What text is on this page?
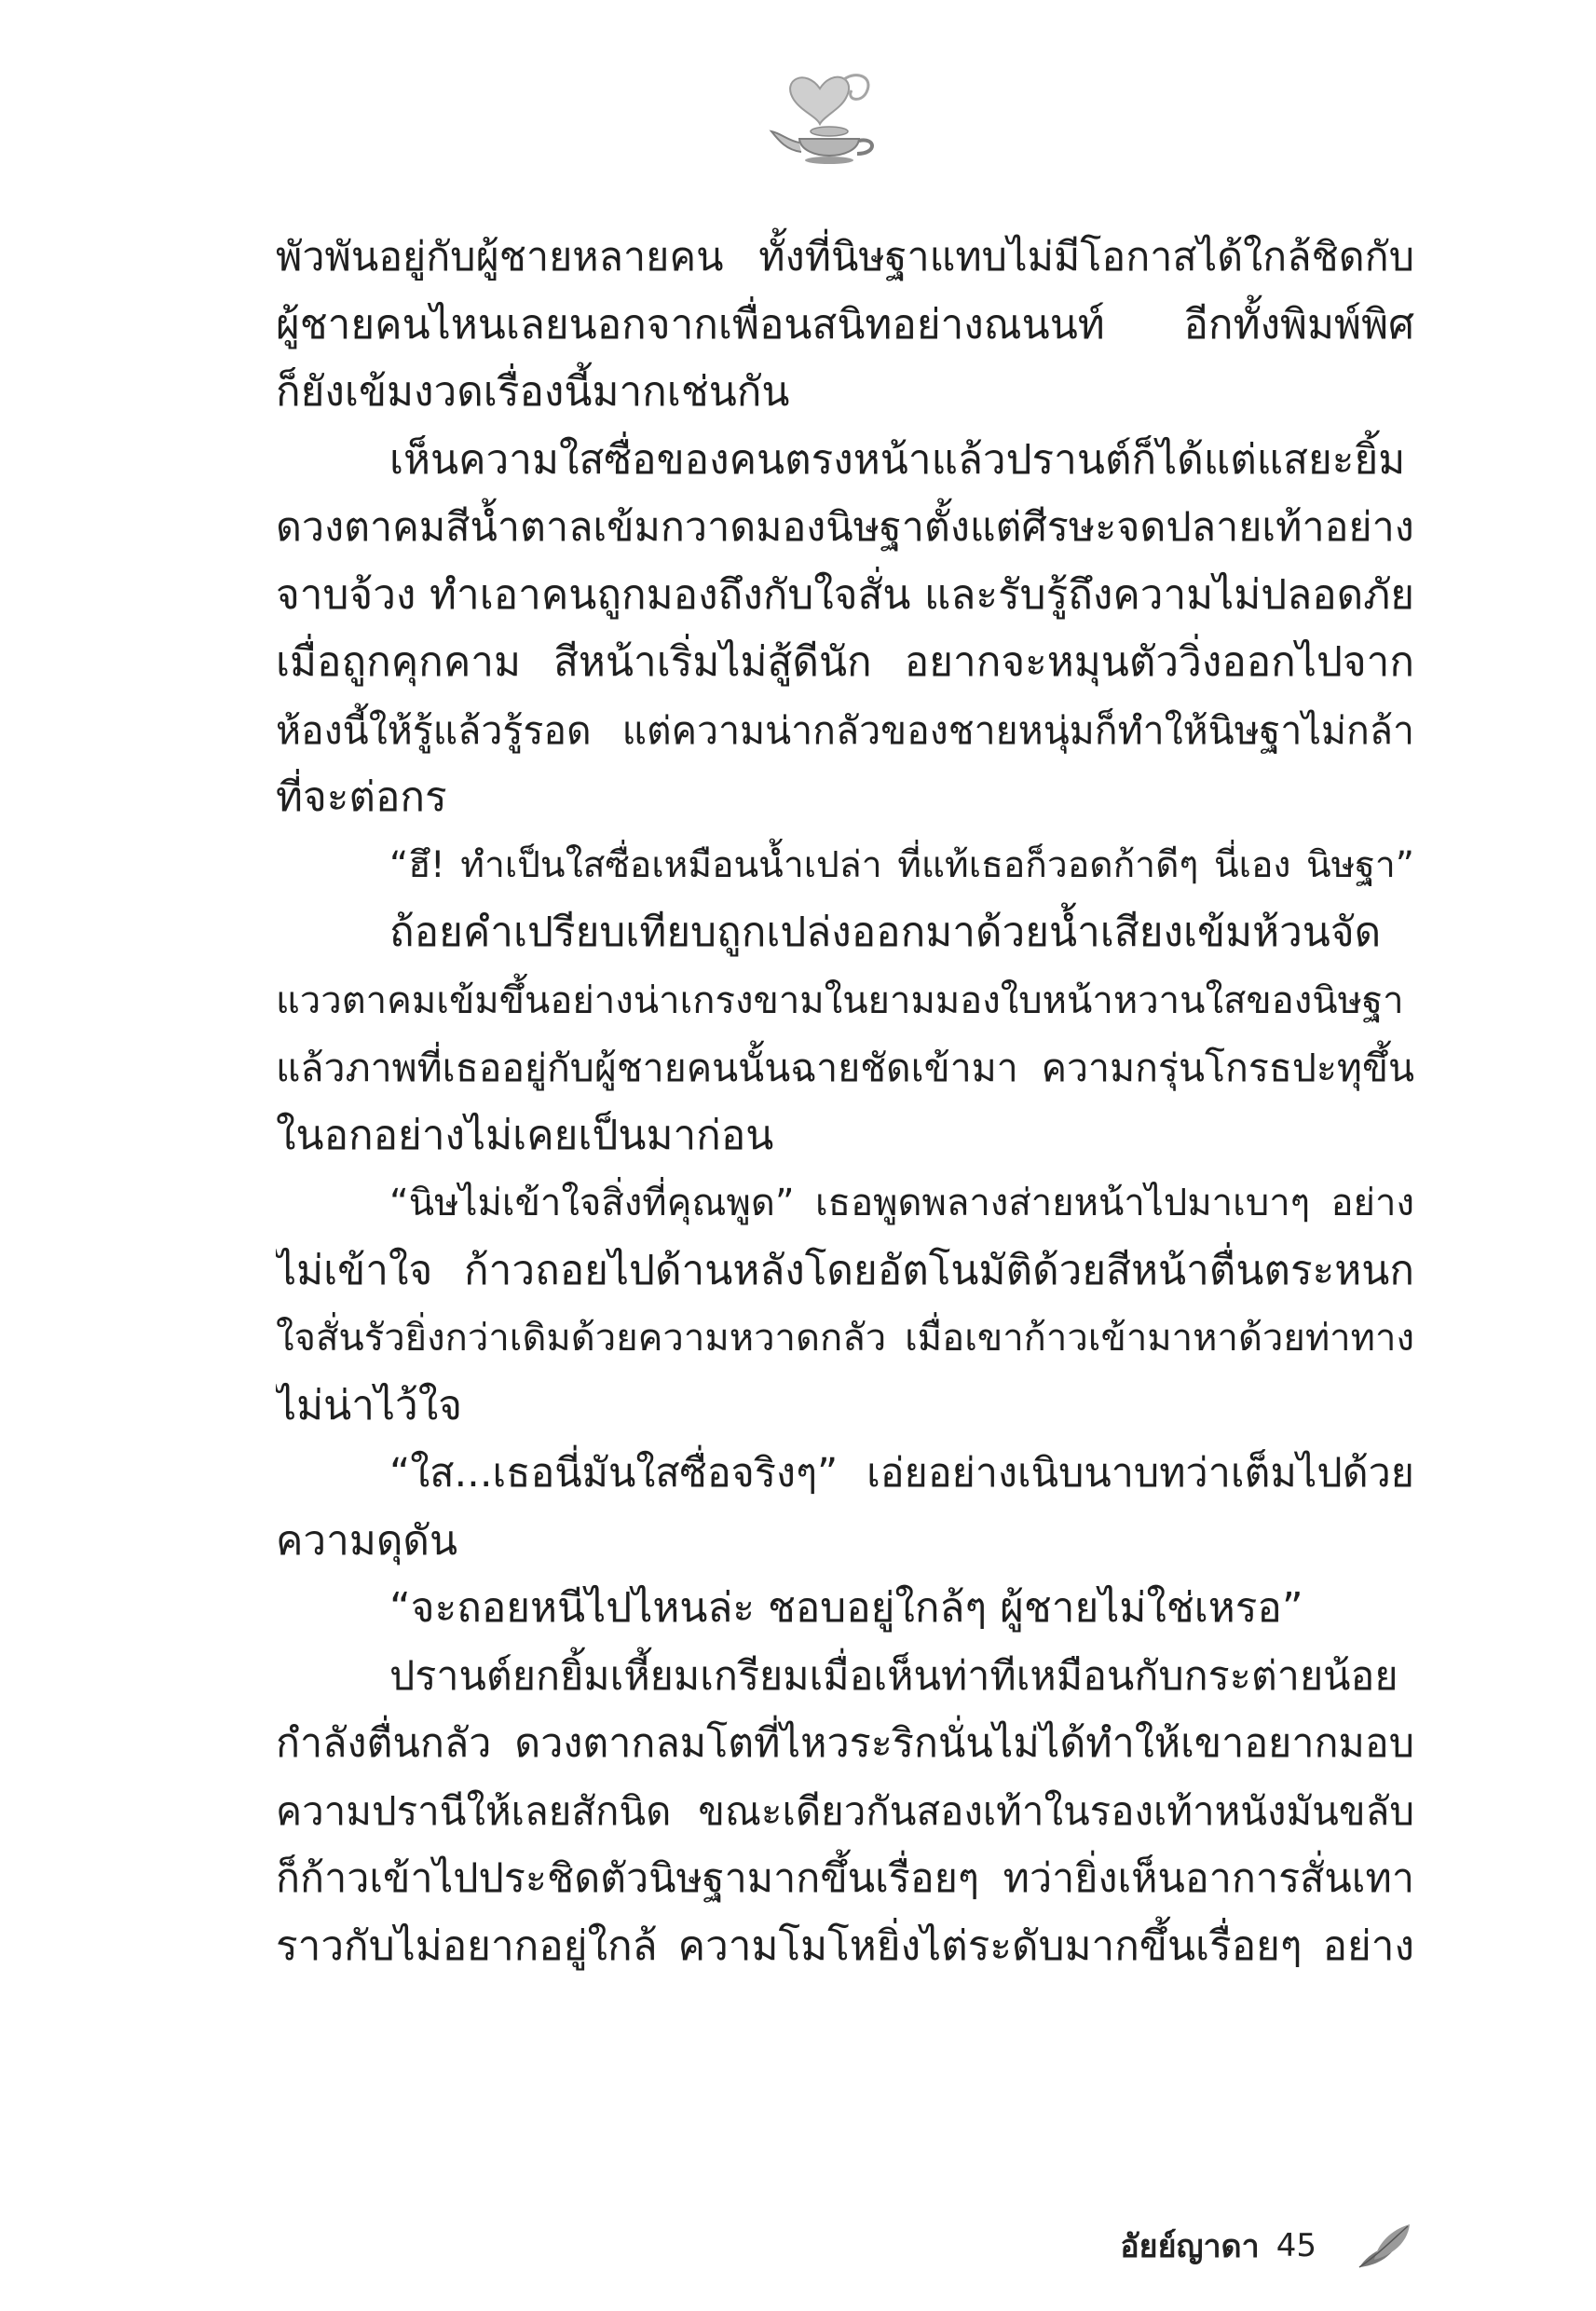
พัวพันอยู่กับผู้ชายหลายคน ทั้งที่นิษฐาแทบไม่มีโอกาสได้ใกล้ชิดกับ
ผู้ชายคนไหนเลยนอกจากเพื่อนสนิทอย่างณนนท์ อีกทั้งพิมพ์พิศ
ก็ยังเข้มงวดเรื่องนี้มากเช่นกัน
เห็นความใสซื่อของคนตรงหน้าแล้วปรานต์ก็ได้แต่แสยะยิ้ม
ดวงตาคมสีน้ำตาลเข้มกวาดมองนิษฐาตั้งแต่ศีรษะจดปลายเท้าอย่าง
จาบจ้วง ทำเอาคนถูกมองถึงกับใจสั่น และรับรู้ถึงความไม่ปลอดภัย
เมื่อถูกคุกคาม สีหน้าเริ่มไม่สู้ดีนัก อยากจะหมุนตัววิ่งออกไปจาก
ห้องนี้ให้รู้แล้วรู้รอด แต่ความน่ากลัวของชายหนุ่มก็ทำให้นิษฐาไม่กล้า
ที่จะต่อกร
“ฮึ! ทำเป็นใสซื่อเหมือนน้ำเปล่า ที่แท้เธอก็วอดก้าดีๆ นี่เอง นิษฐา”
ถ้อยคำเปรียบเทียบถูกเปล่งออกมาด้วยน้ำเสียงเข้มห้วนจัด
แววตาคมเข้มขึ้นอย่างน่าเกรงขามในยามมองใบหน้าหวานใสของนิษฐา
แล้วภาพที่เธออยู่กับผู้ชายคนนั้นฉายชัดเข้ามา ความกรุ่นโกรธปะทุขึ้น
ในอกอย่างไม่เคยเป็นมาก่อน
“นิษไม่เข้าใจสิ่งที่คุณพูด” เธอพูดพลางส่ายหน้าไปมาเบาๆ อย่าง
ไม่เข้าใจ ก้าวถอยไปด้านหลังโดยอัตโนมัติด้วยสีหน้าตื่นตระหนก
ใจสั่นรัวยิ่งกว่าเดิมด้วยความหวาดกลัว เมื่อเขาก้าวเข้ามาหาด้วยท่าทาง
ไม่น่าไว้ใจ
“ใส...เธอนี่มันใสซื่อจริงๆ” เอ่ยอย่างเนิบนาบทว่าเต็มไปด้วย
ความดุดัน
“จะถอยหนีไปไหนล่ะ ชอบอยู่ใกล้ๆ ผู้ชายไม่ใช่เหรอ”
ปรานต์ยกยิ้มเหี้ยมเกรียมเมื่อเห็นท่าทีเหมือนกับกระต่ายน้อย
กำลังตื่นกลัว ดวงตากลมโตที่ไหวระริกนั่นไม่ได้ทำให้เขาอยากมอบ
ความปรานีให้เลยสักนิด ขณะเดียวกันสองเท้าในรองเท้าหนังมันขลับ
ก็ก้าวเข้าไปประชิดตัวนิษฐามากขึ้นเรื่อยๆ ทว่ายิ่งเห็นอาการสั่นเทา
ราวกับไม่อยากอยู่ใกล้ ความโมโหยิ่งไต่ระดับมากขึ้นเรื่อยๆ อย่าง
อัยย์ญาดา 45
